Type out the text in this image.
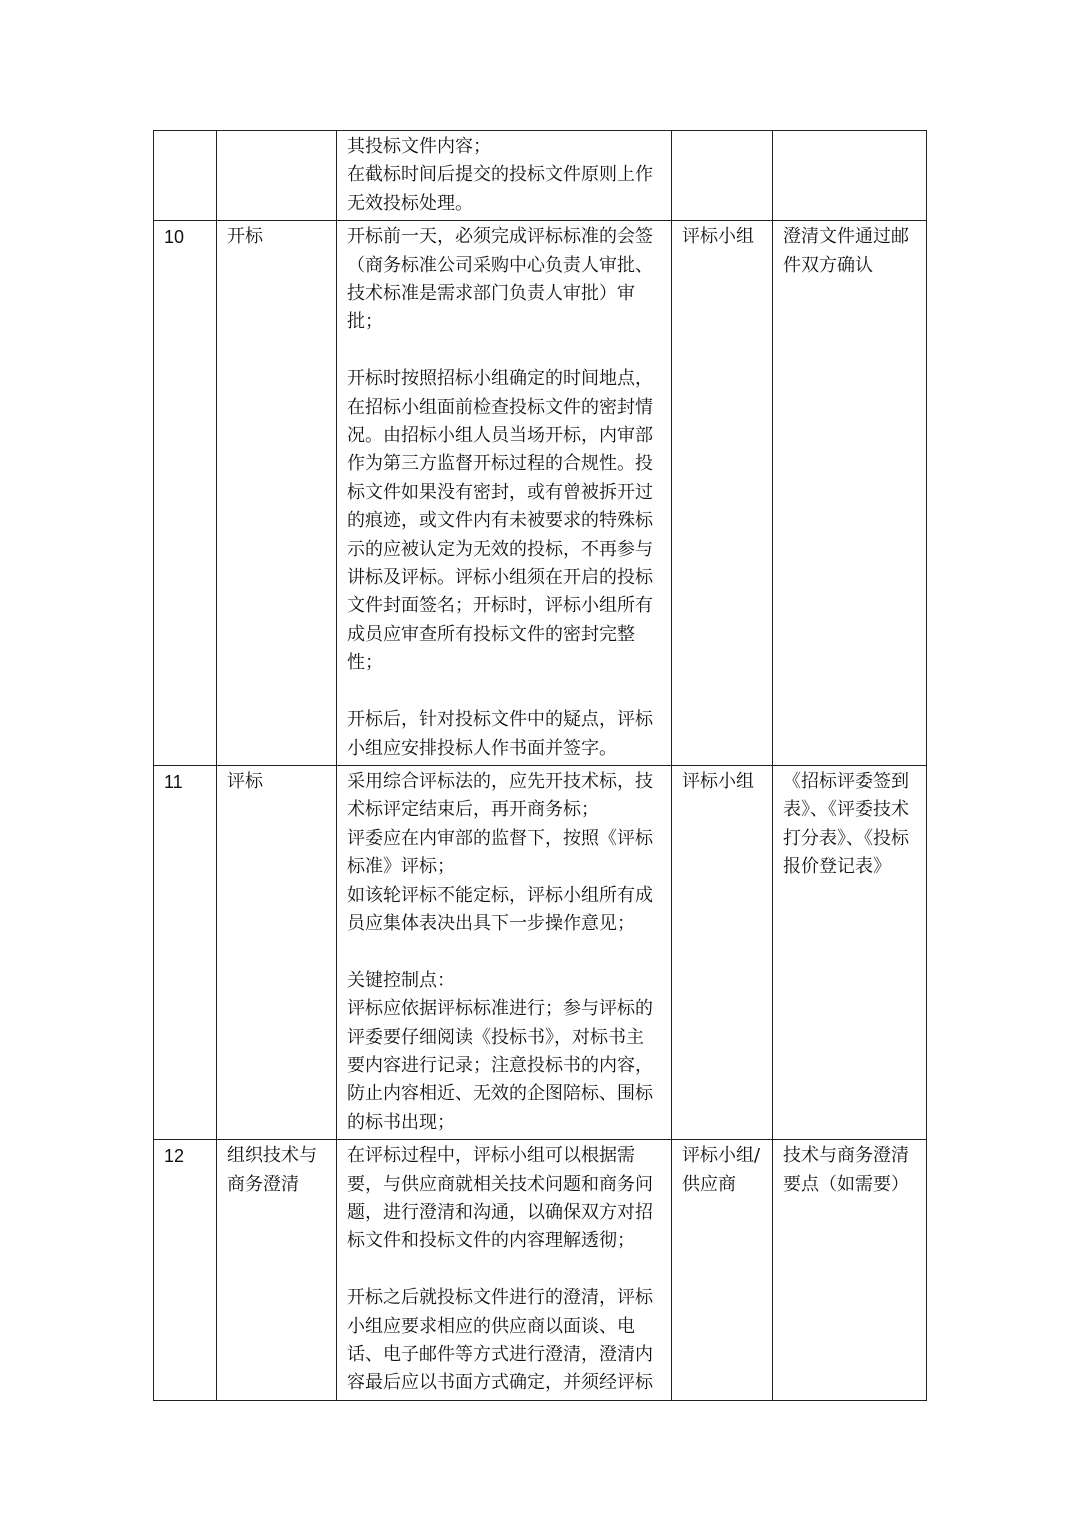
		其投标文件内容；
在截标时间后提交的投标文件原则上作无效投标处理。		

10	开标	开标前一天，必须完成评标标准的会签（商务标准公司采购中心负责人审批、技术标准是需求部门负责人审批）审批；
开标时按照招标小组确定的时间地点，在招标小组面前检查投标文件的密封情况。由招标小组人员当场开标，内审部作为第三方监督开标过程的合规性。投标文件如果没有密封，或有曾被拆开过的痕迹，或文件内有未被要求的特殊标示的应被认定为无效的投标，不再参与讲标及评标。评标小组须在开启的投标文件封面签名；开标时，评标小组所有成员应审查所有投标文件的密封完整性；
开标后，针对投标文件中的疑点，评标小组应安排投标人作书面并签字。	评标小组	澄清文件通过邮件双方确认

11	评标	采用综合评标法的，应先开技术标，技术标评定结束后，再开商务标；
评委应在内审部的监督下，按照《评标标准》评标；
如该轮评标不能定标，评标小组所有成员应集体表决出具下一步操作意见；
关键控制点：
评标应依据评标标准进行；参与评标的评委要仔细阅读《投标书》，对标书主要内容进行记录；注意投标书的内容，防止内容相近、无效的企图陪标、围标的标书出现；	评标小组	《招标评委签到表》、《评委技术打分表》、《投标报价登记表》

12	组织技术与商务澄清	在评标过程中，评标小组可以根据需要，与供应商就相关技术问题和商务问题，进行澄清和沟通，以确保双方对招标文件和投标文件的内容理解透彻；
开标之后就投标文件进行的澄清，评标小组应要求相应的供应商以面谈、电话、电子邮件等方式进行澄清，澄清内容最后应以书面方式确定，并须经评标	评标小组/供应商	技术与商务澄清要点（如需要）
